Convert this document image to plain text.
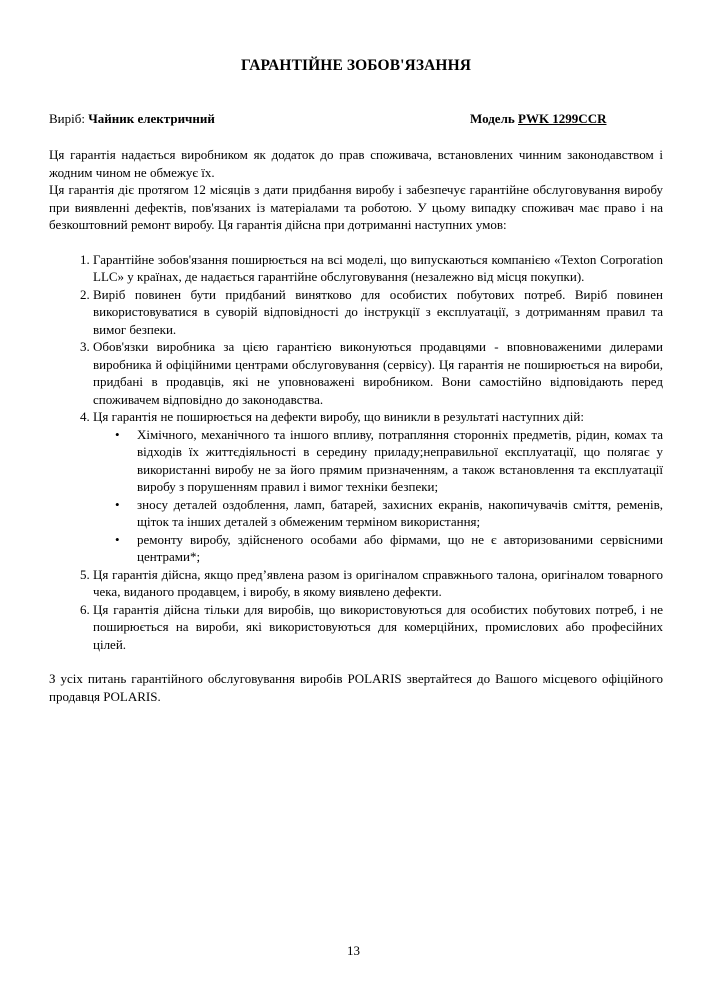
ГАРАНТІЙНЕ ЗОБОВ'ЯЗАННЯ
Виріб: Чайник електричний	Модель PWK 1299CCR

Ця гарантія надається виробником як додаток до прав споживача, встановлених чинним законодавством і жодним чином не обмежує їх.

Ця гарантія діє протягом 12 місяців з дати придбання виробу і забезпечує гарантійне обслуговування виробу при виявленні дефектів, пов'язаних із матеріалами та роботою. У цьому випадку споживач має право і на безкоштовний ремонт виробу. Ця гарантія дійсна при дотриманні наступних умов:

1. Гарантійне зобов'язання поширюється на всі моделі, що випускаються компанією «Texton Corporation LLC» у країнах, де надається гарантійне обслуговування (незалежно від місця покупки).
2. Виріб повинен бути придбаний винятково для особистих побутових потреб. Виріб повинен використовуватися в суворій відповідності до інструкції з експлуатації, з дотриманням правил та вимог безпеки.
3. Обов'язки виробника за цією гарантією виконуються продавцями - вповноваженими дилерами виробника й офіційними центрами обслуговування (сервісу). Ця гарантія не поширюється на вироби, придбані в продавців, які не уповноважені виробником. Вони самостійно відповідають перед споживачем відповідно до законодавства.
4. Ця гарантія не поширюється на дефекти виробу, що виникли в результаті наступних дій:
• Хімічного, механічного та іншого впливу, потрапляння сторонніх предметів, рідин, комах та відходів їх життєдіяльності в середину приладу;неправильної експлуатації, що полягає у використанні виробу не за його прямим призначенням, а також встановлення та експлуатації виробу з порушенням правил і вимог техніки безпеки;
• зносу деталей оздоблення, ламп, батарей, захисних екранів, накопичувачів сміття, ременів, щіток та інших деталей з обмеженим терміном використання;
• ремонту виробу, здійсненого особами або фірмами, що не є авторизованими сервісними центрами*;
5. Ця гарантія дійсна, якщо пред’явлена разом із оригіналом справжнього талона, оригіналом товарного чека, виданого продавцем, і виробу, в якому виявлено дефекти.
6. Ця гарантія дійсна тільки для виробів, що використовуються для особистих побутових потреб, і не поширюється на вироби, які використовуються для комерційних, промислових або професійних цілей.

З усіх питань гарантійного обслуговування виробів POLARIS звертайтеся до Вашого місцевого офіційного продавця POLARIS.

13
